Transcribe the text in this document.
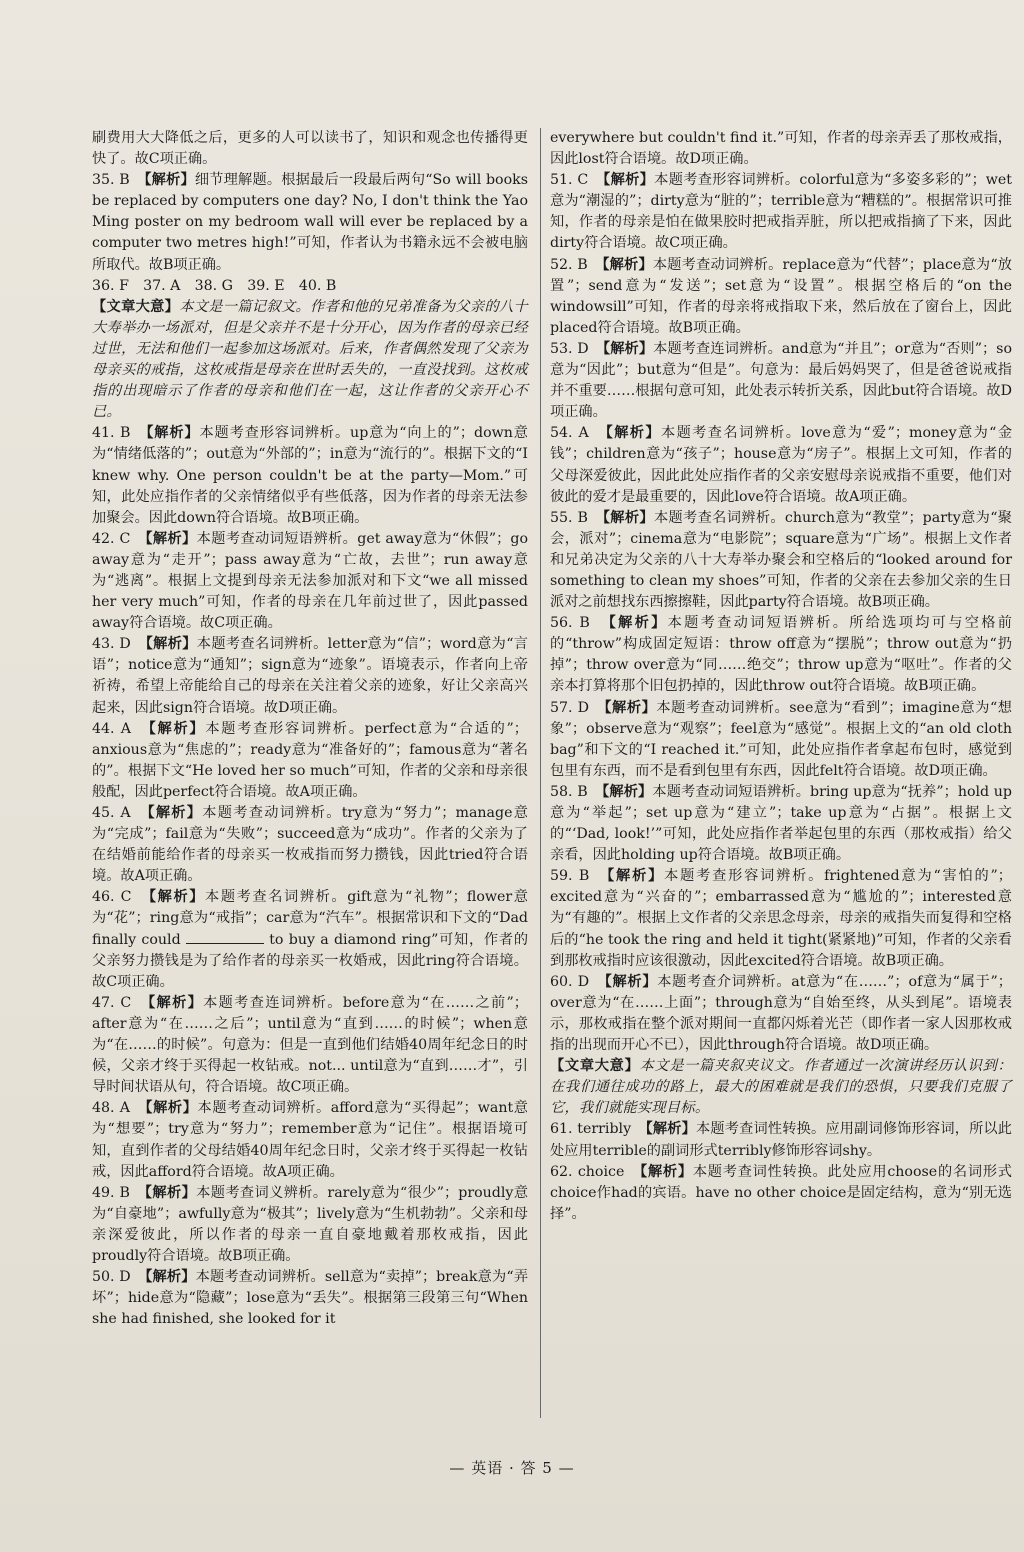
刷费用大大降低之后，更多的人可以读书了，知识和观念也传播得更快了。故C项正确。

35. B　 【解析】细节理解题。根据最后一段最后两句“So will books be replaced by computers one day? No, I don't think the Yao Ming poster on my bedroom wall will ever be replaced by a computer two metres high!”可知，作者认为书籍永远不会被电脑所取代。故B项正确。

36. F　37. A　38. G　39. E　40. B

【文章大意】本文是一篇记叙文。作者和他的兄弟准备为父亲的八十大寿举办一场派对，但是父亲并不是十分开心，因为作者的母亲已经过世，无法和他们一起参加这场派对。后来，作者偶然发现了父亲为母亲买的戒指，这枚戒指是母亲在世时丢失的，一直没找到。这枚戒指的出现暗示了作者的母亲和他们在一起，这让作者的父亲开心不已。

41. B　 【解析】本题考查形容词辨析。up意为“向上的”；down意为“情绪低落的”；out意为“外部的”；in意为“流行的”。根据下文的“I knew why. One person couldn't be at the party—Mom.”可知，此处应指作者的父亲情绪似乎有些低落，因为作者的母亲无法参加聚会。因此down符合语境。故B项正确。

42. C　 【解析】本题考查动词短语辨析。get away意为“休假”；go away意为“走开”；pass away意为“亡故，去世”；run away意为“逃离”。根据上文提到母亲无法参加派对和下文“we all missed her very much”可知，作者的母亲在几年前过世了，因此passed away符合语境。故C项正确。

43. D　 【解析】本题考查名词辨析。letter意为“信”；word意为“言语”；notice意为“通知”；sign意为“迹象”。语境表示，作者向上帝祈祷，希望上帝能给自己的母亲在关注着父亲的迹象，好让父亲高兴起来，因此sign符合语境。故D项正确。

44. A　 【解析】本题考查形容词辨析。perfect意为“合适的”；anxious意为“焦虑的”；ready意为“准备好的”；famous意为“著名的”。根据下文“He loved her so much”可知，作者的父亲和母亲很般配，因此perfect符合语境。故A项正确。

45. A　 【解析】本题考查动词辨析。try意为“努力”；manage意为“完成”；fail意为“失败”；succeed意为“成功”。作者的父亲为了在结婚前能给作者的母亲买一枚戒指而努力攒钱，因此tried符合语境。故A项正确。

46. C　 【解析】本题考查名词辨析。gift意为“礼物”；flower意为“花”；ring意为“戒指”；car意为“汽车”。根据常识和下文的“Dad finally could	to buy a diamond ring”可知，作者的父亲努力攒钱是为了给作者的母亲买一枚婚戒，因此ring符合语境。故C项正确。

47. C　 【解析】本题考查连词辨析。before意为“在……之前”；after意为“在……之后”；until意为“直到……的时候”；when意为“在……的时候”。句意为：但是一直到他们结婚40周年纪念日的时候，父亲才终于买得起一枚钻戒。not... until意为“直到……才”，引导时间状语从句，符合语境。故C项正确。

48. A　 【解析】本题考查动词辨析。afford意为“买得起”；want意为“想要”；try意为“努力”；remember意为“记住”。根据语境可知，直到作者的父母结婚40周年纪念日时，父亲才终于买得起一枚钻戒，因此afford符合语境。故A项正确。

49. B　 【解析】本题考查词义辨析。rarely意为“很少”；proudly意为“自豪地”；awfully意为“极其”；lively意为“生机勃勃”。父亲和母亲深爱彼此，所以作者的母亲一直自豪地戴着那枚戒指，因此proudly符合语境。故B项正确。

50. D　 【解析】本题考查动词辨析。sell意为“卖掉”；break意为“弄坏”；hide意为“隐藏”；lose意为“丢失”。根据第三段第三句“When she had finished, she looked for it

everywhere but couldn't find it.”可知，作者的母亲弄丢了那枚戒指，因此lost符合语境。故D项正确。

51. C　 【解析】本题考查形容词辨析。colorful意为“多姿多彩的”；wet意为“潮湿的”；dirty意为“脏的”；terrible意为“糟糕的”。根据常识可推知，作者的母亲是怕在做果胶时把戒指弄脏，所以把戒指摘了下来，因此dirty符合语境。故C项正确。

52. B　 【解析】本题考查动词辨析。replace意为“代替”；place意为“放置”；send意为“发送”；set意为“设置”。根据空格后的“on the windowsill”可知，作者的母亲将戒指取下来，然后放在了窗台上，因此placed符合语境。故B项正确。

53. D　 【解析】本题考查连词辨析。and意为“并且”；or意为“否则”；so意为“因此”；but意为“但是”。句意为：最后妈妈哭了，但是爸爸说戒指并不重要……根据句意可知，此处表示转折关系，因此but符合语境。故D项正确。

54. A　 【解析】本题考查名词辨析。love意为“爱”；money意为“金钱”；children意为“孩子”；house意为“房子”。根据上文可知，作者的父母深爱彼此，因此此处应指作者的父亲安慰母亲说戒指不重要，他们对彼此的爱才是最重要的，因此love符合语境。故A项正确。

55. B　 【解析】本题考查名词辨析。church意为“教堂”；party意为“聚会，派对”；cinema意为“电影院”；square意为“广场”。根据上文作者和兄弟决定为父亲的八十大寿举办聚会和空格后的“looked around for something to clean my shoes”可知，作者的父亲在去参加父亲的生日派对之前想找东西擦擦鞋，因此party符合语境。故B项正确。

56. B　 【解析】本题考查动词短语辨析。所给选项均可与空格前的“throw”构成固定短语：throw off意为“摆脱”；throw out意为“扔掉”；throw over意为“同……绝交”；throw up意为“呕吐”。作者的父亲本打算将那个旧包扔掉的，因此throw out符合语境。故B项正确。

57. D　 【解析】本题考查动词辨析。see意为“看到”；imagine意为“想象”；observe意为“观察”；feel意为“感觉”。根据上文的“an old cloth bag”和下文的“I reached it.”可知，此处应指作者拿起布包时，感觉到包里有东西，而不是看到包里有东西，因此felt符合语境。故D项正确。

58. B　 【解析】本题考查动词短语辨析。bring up意为“抚养”；hold up意为“举起”；set up意为“建立”；take up意为“占据”。根据上文的“‘Dad, look!’”可知，此处应指作者举起包里的东西（那枚戒指）给父亲看，因此holding up符合语境。故B项正确。

59. B　 【解析】本题考查形容词辨析。frightened意为“害怕的”；excited意为“兴奋的”；embarrassed意为“尴尬的”；interested意为“有趣的”。根据上文作者的父亲思念母亲，母亲的戒指失而复得和空格后的“he took the ring and held it tight(紧紧地)”可知，作者的父亲看到那枚戒指时应该很激动，因此excited符合语境。故B项正确。

60. D　 【解析】本题考查介词辨析。at意为“在……”；of意为“属于”；over意为“在……上面”；through意为“自始至终，从头到尾”。语境表示，那枚戒指在整个派对期间一直都闪烁着光芒（即作者一家人因那枚戒指的出现而开心不已），因此through符合语境。故D项正确。

【文章大意】本文是一篇夹叙夹议文。作者通过一次演讲经历认识到：在我们通往成功的路上，最大的困难就是我们的恐惧，只要我们克服了它，我们就能实现目标。

61. terribly　 【解析】本题考查词性转换。应用副词修饰形容词，所以此处应用terrible的副词形式terribly修饰形容词shy。

62. choice　 【解析】本题考查词性转换。此处应用choose的名词形式choice作had的宾语。have no other choice是固定结构，意为“别无选择”。

— 英语 · 答 5 —
